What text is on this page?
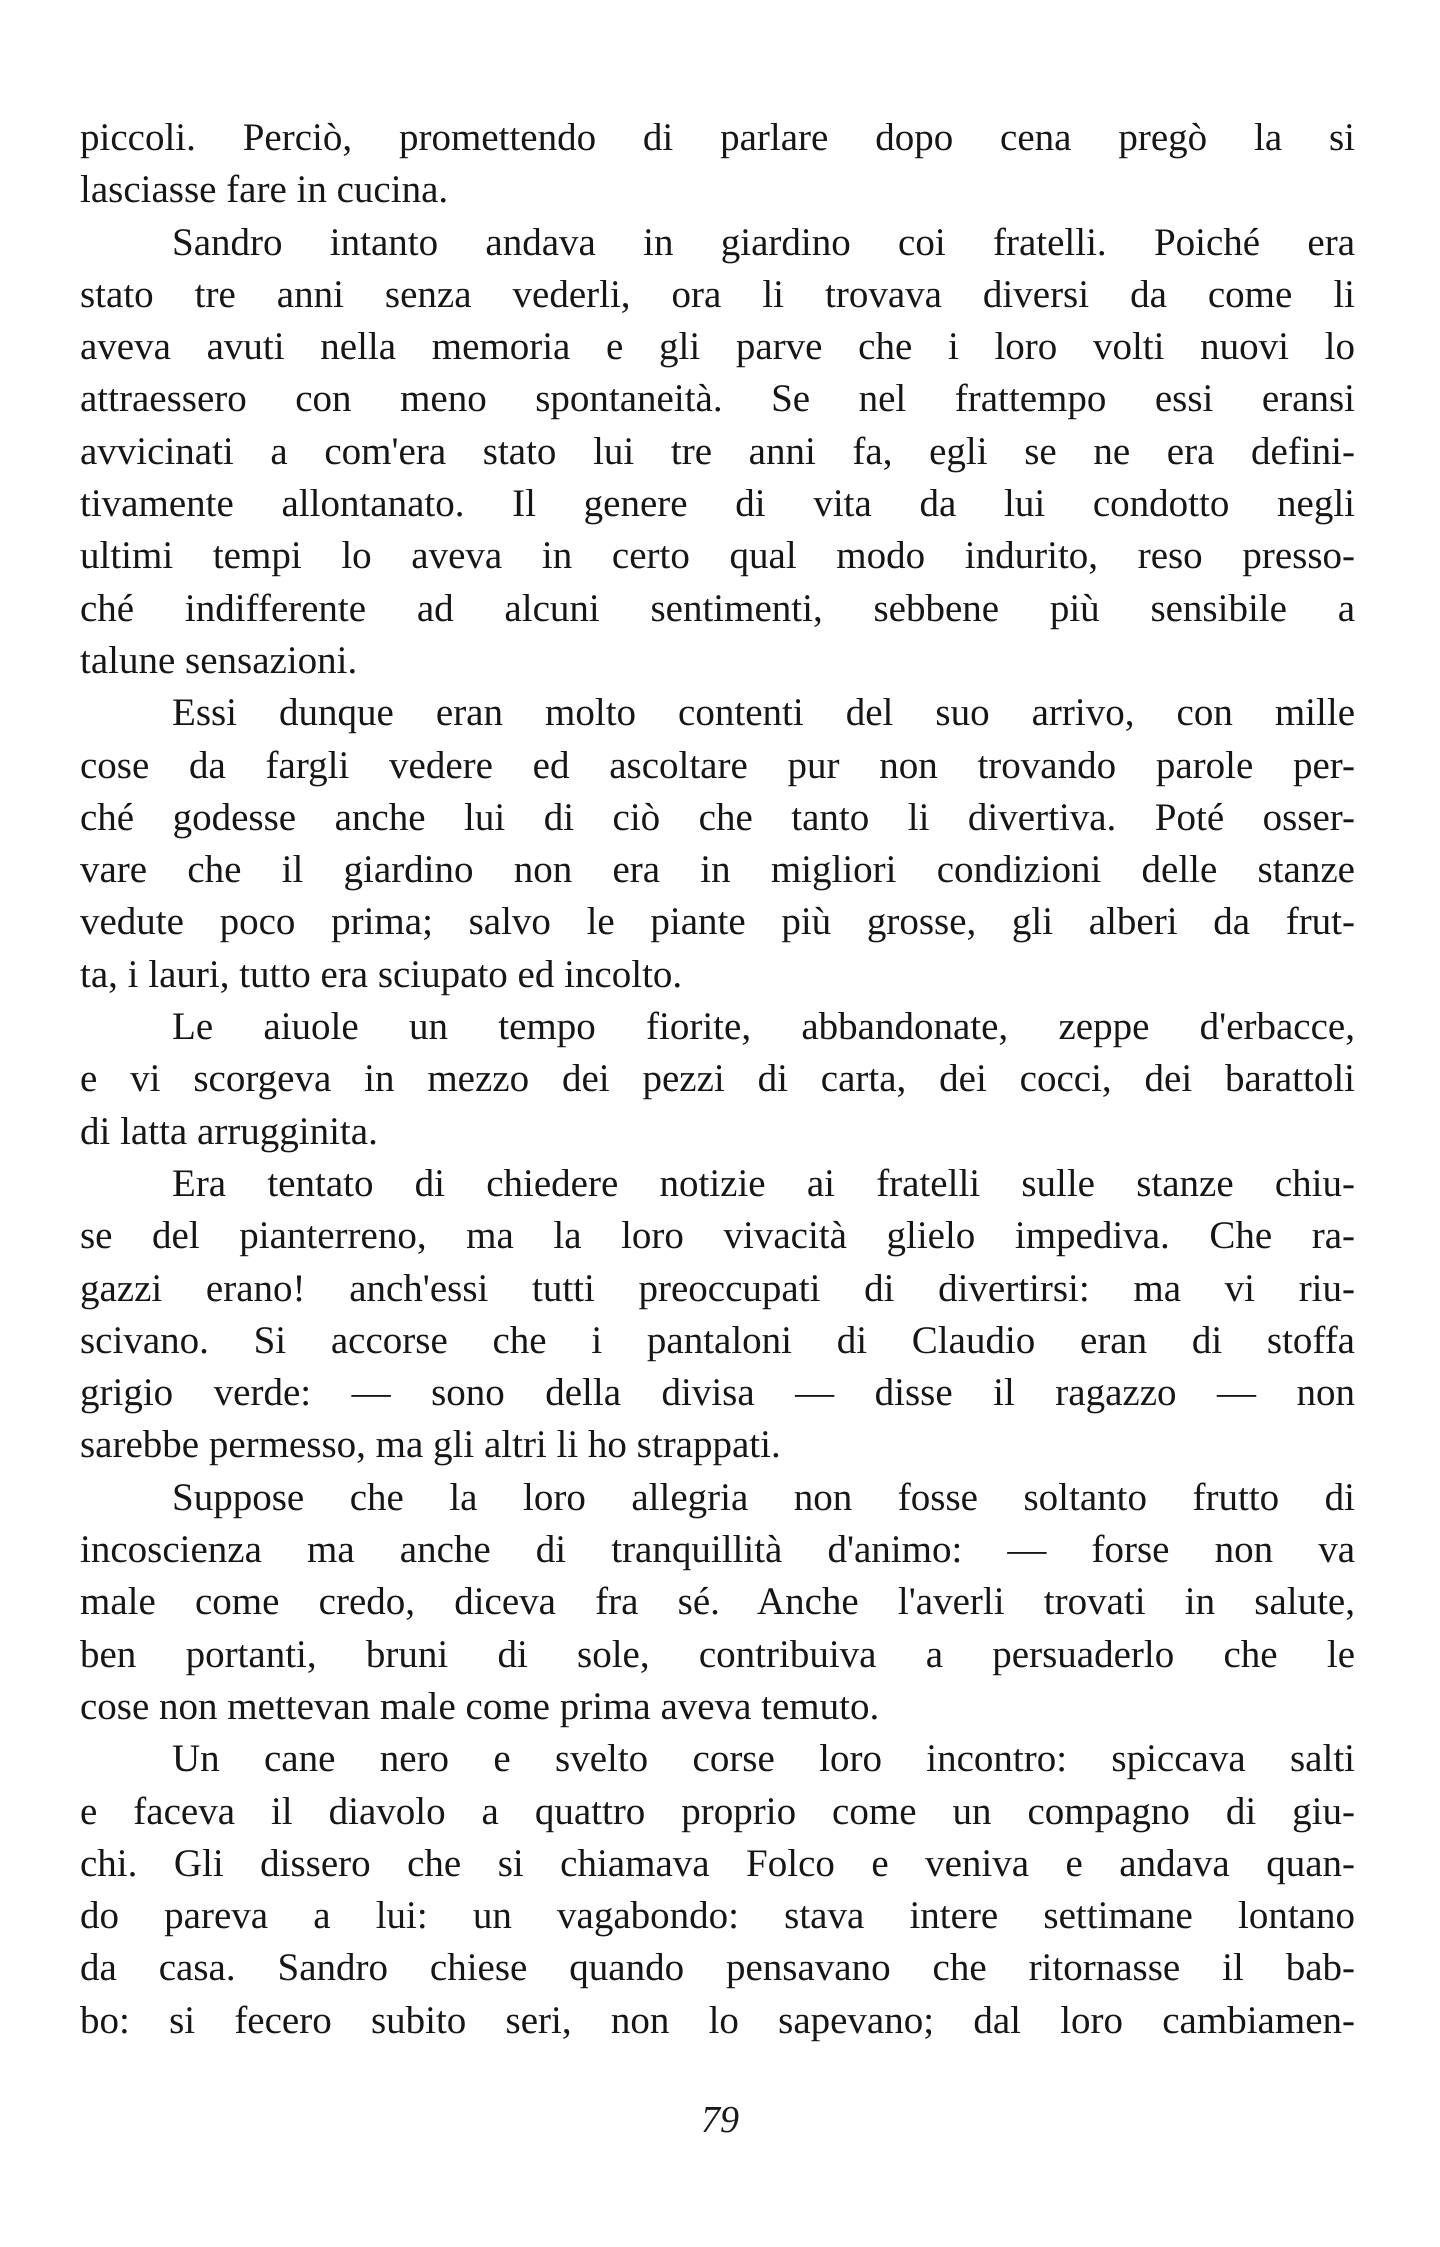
piccoli. Perciò, promettendo di parlare dopo cena pregò la si
lasciasse fare in cucina.
Sandro intanto andava in giardino coi fratelli. Poiché era
stato tre anni senza vederli, ora li trovava diversi da come li
aveva avuti nella memoria e gli parve che i loro volti nuovi lo
attraessero con meno spontaneità. Se nel frattempo essi eransi
avvicinati a com'era stato lui tre anni fa, egli se ne era defini-
tivamente allontanato. Il genere di vita da lui condotto negli
ultimi tempi lo aveva in certo qual modo indurito, reso presso-
ché indifferente ad alcuni sentimenti, sebbene più sensibile a
talune sensazioni.
Essi dunque eran molto contenti del suo arrivo, con mille
cose da fargli vedere ed ascoltare pur non trovando parole per-
ché godesse anche lui di ciò che tanto li divertiva. Poté osser-
vare che il giardino non era in migliori condizioni delle stanze
vedute poco prima; salvo le piante più grosse, gli alberi da frut-
ta, i lauri, tutto era sciupato ed incolto.
Le aiuole un tempo fiorite, abbandonate, zeppe d'erbacce,
e vi scorgeva in mezzo dei pezzi di carta, dei cocci, dei barattoli
di latta arrugginita.
Era tentato di chiedere notizie ai fratelli sulle stanze chiu-
se del pianterreno, ma la loro vivacità glielo impediva. Che ra-
gazzi erano! anch'essi tutti preoccupati di divertirsi: ma vi riu-
scivano. Si accorse che i pantaloni di Claudio eran di stoffa
grigio verde: — sono della divisa — disse il ragazzo — non
sarebbe permesso, ma gli altri li ho strappati.
Suppose che la loro allegria non fosse soltanto frutto di
incoscienza ma anche di tranquillità d'animo: — forse non va
male come credo, diceva fra sé. Anche l'averli trovati in salute,
ben portanti, bruni di sole, contribuiva a persuaderlo che le
cose non mettevan male come prima aveva temuto.
Un cane nero e svelto corse loro incontro: spiccava salti
e faceva il diavolo a quattro proprio come un compagno di giu-
chi. Gli dissero che si chiamava Folco e veniva e andava quan-
do pareva a lui: un vagabondo: stava intere settimane lontano
da casa. Sandro chiese quando pensavano che ritornasse il bab-
bo: si fecero subito seri, non lo sapevano; dal loro cambiamen-
79
